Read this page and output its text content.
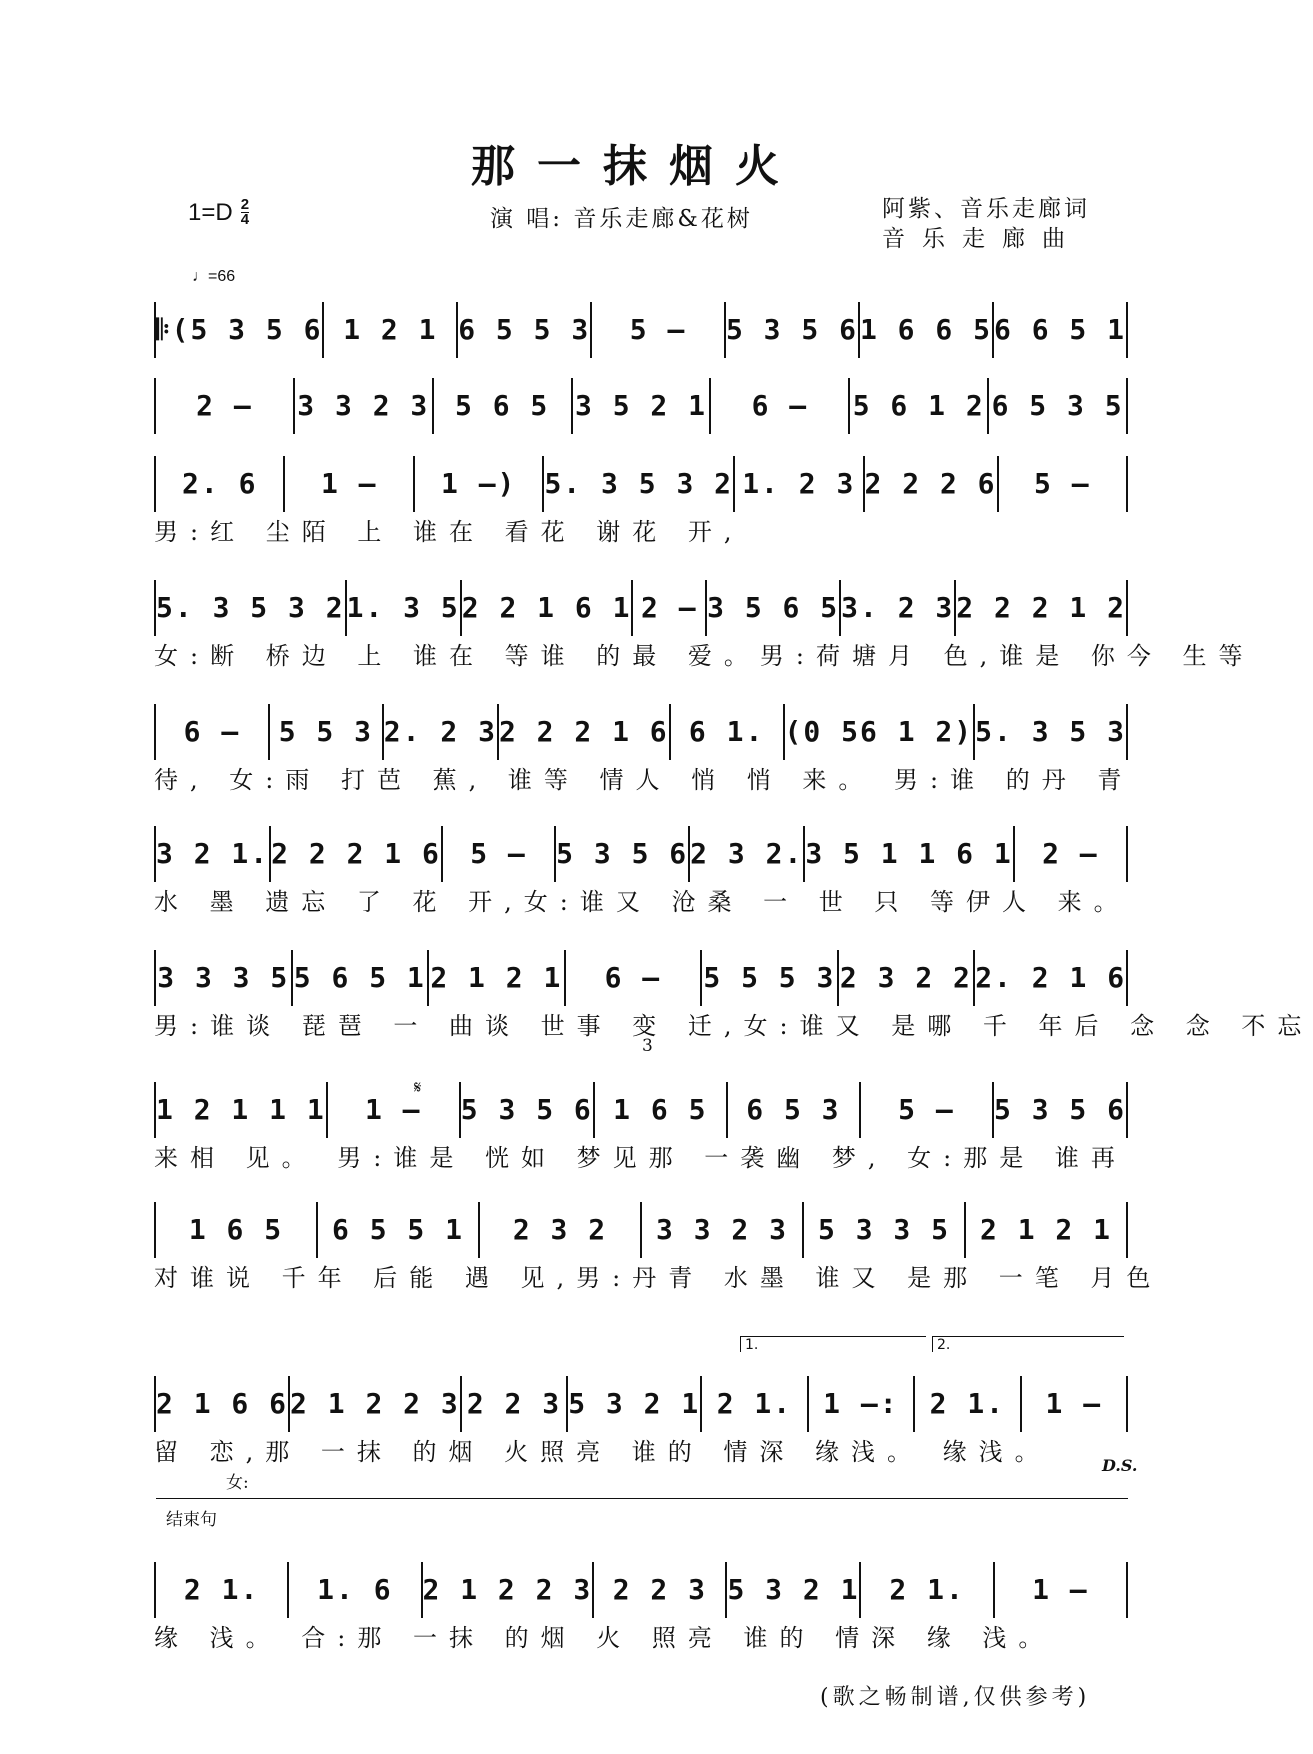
那一抹烟火
$1=D \frac{2}{4}$	演 唱: 音乐走廊&花树	阿紫、音乐走廊词
音乐走廊曲
♩=66
𝄆(5 3 5 6 1 2 1 6 5 5 3	5 –	5 3 5 6 1 6 6 5 6 6 5 1
2 –	3 3 2 3 5 6 5 3 5 2 1	6 –	5 6 1 2 6 5 3 5
2. 6	1 –	1 –)	5. 3 5 3 2 1. 2 3 2 2 2 6	5 –
男:红 尘陌 上 谁在 看花 谢花 开,
5. 3 5 3 2 1. 3 5 2 2 1 6 1 2 – 3 5 6 5 3. 2 3 2 2 2 1 2
女:断 桥边 上 谁在 等谁 的最 爱。男:荷塘月 色,谁是 你今 生等
6 –	5 5 3 2. 2 3 2 2 2 1 6 6 1. (0 56 1 2) 5. 3 5 3
待, 女:雨 打芭 蕉, 谁等 情人 悄 悄 来。 男:谁 的丹 青
3 2 1. 2 2 2 1 6	5 –	5 3 5 6 2 3 2. 3 5 1 1 6 1	2 –
水 墨 遗忘 了 花 开,女:谁又 沧桑 一 世 只 等伊人 来。
3 3 3 5 5 6 5 1 2 1 2 1	6 –	5 5 5 3 2 3 2 2 2. 2 1 6
男:谁谈 琵琶 一 曲谈 世事 变 迁,女:谁又 是哪 千 年后 念 念 不忘
1 2 1 1 1	1 –	5 3 5 6 1 6 5	6 5 3	5 –	5 3 5 6
来相 见。 男:谁是 恍如 梦见那 一袭幽 梦, 女:那是 谁再
1 6 5	6 5 5 1	2 3 2	3 3 2 3	5 3 3 5	2 1 2 1
对谁说 千年 后能 遇 见,男:丹青 水墨 谁又 是那 一笔 月色
2 1 6 6 2 1 2 2 3 2 2 3 5 3 2 1 2 1.	1 –:	2 1.	1 –
留 恋,那 一抹 的烟 火照亮 谁的 情深 缘浅。 缘浅。
2 1.	1. 6	2 1 2 2 3 2 2 3 5 3 2 1	2 1.	1 –
缘 浅。 合:那 一抹 的烟 火 照亮 谁的 情深 缘 浅。
𝄋
3
1.	2.
女:
D.S.
结束句
(歌之畅制谱,仅供参考)
